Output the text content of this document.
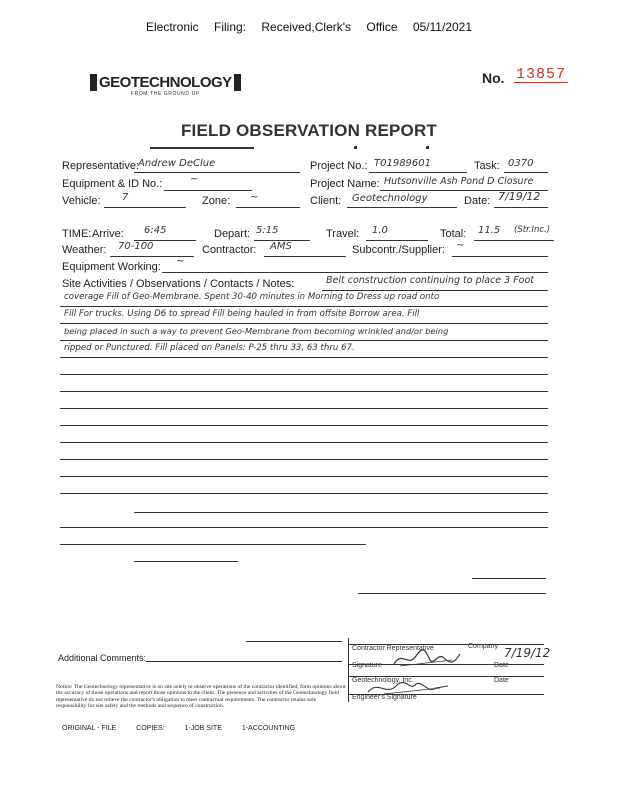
Electronic Filing: Received,Clerk's Office 05/11/2021
GEOTECHNOLOGY
FROM THE GROUND UP
No. 13857
FIELD OBSERVATION REPORT
Representative:
Andrew DeClue	Project No.: T01989601	Task: 0370
Equipment & ID No.:	~	Project Name: Hutsonville Ash Pond D Closure
Vehicle: 7	Zone: ~	Client: Geotechnology	Date: 7/19/12
TIME: Arrive: 6:45	Depart: 5:15	Travel: 1.0	Total: 11.5 (Str.Inc.)
Weather: 70-100	Contractor: AMS	Subcontr./Supplier: ~
Equipment Working: ~
Site Activities / Observations / Contacts / Notes:	Belt construction continuing to place 3 Foot
coverage Fill of Geo-Membrane. Spent 30-40 minutes in Morning to Dress up road onto
Fill For trucks. Using D6 to spread Fill being hauled in from offsite Borrow area. Fill
being placed in such a way to prevent Geo-Membrane from becoming wrinkled and/or being
ripped or Punctured. Fill placed on Panels: P-25 thru 33, 63 thru 67.
Additional Comments:
Contractor Representative	Company 7/19/12
Signature	Date
Geotechnology, Inc.	Date
Engineer's Signature
Notice: The Geotechnology representative is on site solely to observe operations of the contractor identified, form opinions about the accuracy of those operations and report those opinions to the client. The presence and activities of the Geotechnology field representative do not relieve the contractor's obligation to meet contractual requirements. The contractor retains sole responsibility for site safety and the methods and sequence of construction.
ORIGINAL - FILE	COPIES:	1-JOB SITE	1-ACCOUNTING
